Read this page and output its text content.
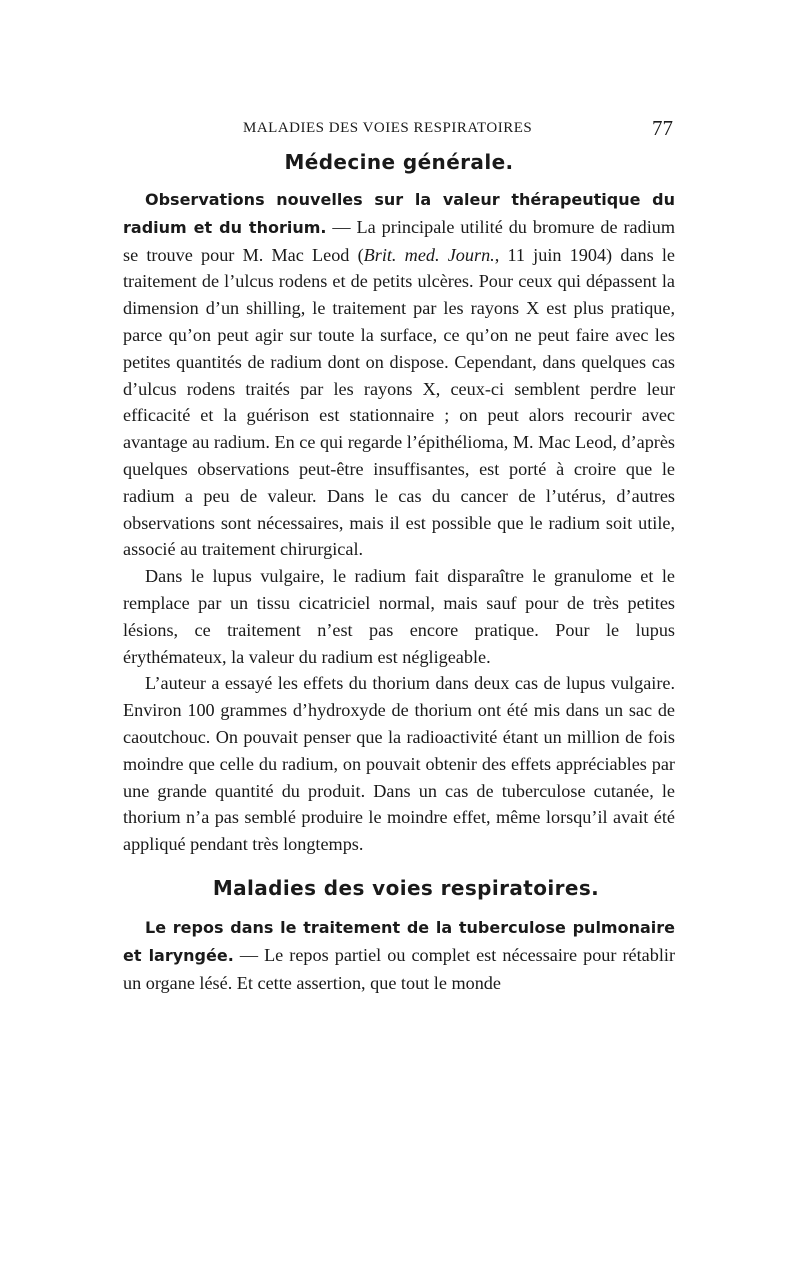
MALADIES DES VOIES RESPIRATOIRES	77
Médecine générale.

Observations nouvelles sur la valeur thérapeutique du radium et du thorium. — La principale utilité du bromure de radium se trouve pour M. Mac Leod (Brit. med. Journ., 11 juin 1904) dans le traitement de l’ulcus rodens et de petits ulcères. Pour ceux qui dépassent la dimension d’un shilling, le traitement par les rayons X est plus pratique, parce qu’on peut agir sur toute la surface, ce qu’on ne peut faire avec les petites quantités de radium dont on dispose. Cependant, dans quelques cas d’ulcus rodens traités par les rayons X, ceux-ci semblent perdre leur efficacité et la guérison est stationnaire ; on peut alors recourir avec avantage au radium. En ce qui regarde l’épithélioma, M. Mac Leod, d’après quelques observations peut-être insuffisantes, est porté à croire que le radium a peu de valeur. Dans le cas du cancer de l’utérus, d’autres observations sont nécessaires, mais il est possible que le radium soit utile, associé au traitement chirurgical.

Dans le lupus vulgaire, le radium fait disparaître le granulome et le remplace par un tissu cicatriciel normal, mais sauf pour de très petites lésions, ce traitement n’est pas encore pratique. Pour le lupus érythémateux, la valeur du radium est négligeable.

L’auteur a essayé les effets du thorium dans deux cas de lupus vulgaire. Environ 100 grammes d’hydroxyde de thorium ont été mis dans un sac de caoutchouc. On pouvait penser que la radioactivité étant un million de fois moindre que celle du radium, on pouvait obtenir des effets appréciables par une grande quantité du produit. Dans un cas de tuberculose cutanée, le thorium n’a pas semblé produire le moindre effet, même lorsqu’il avait été appliqué pendant très longtemps.

Maladies des voies respiratoires.

Le repos dans le traitement de la tuberculose pulmonaire et laryngée. — Le repos partiel ou complet est nécessaire pour rétablir un organe lésé. Et cette assertion, que tout le monde
